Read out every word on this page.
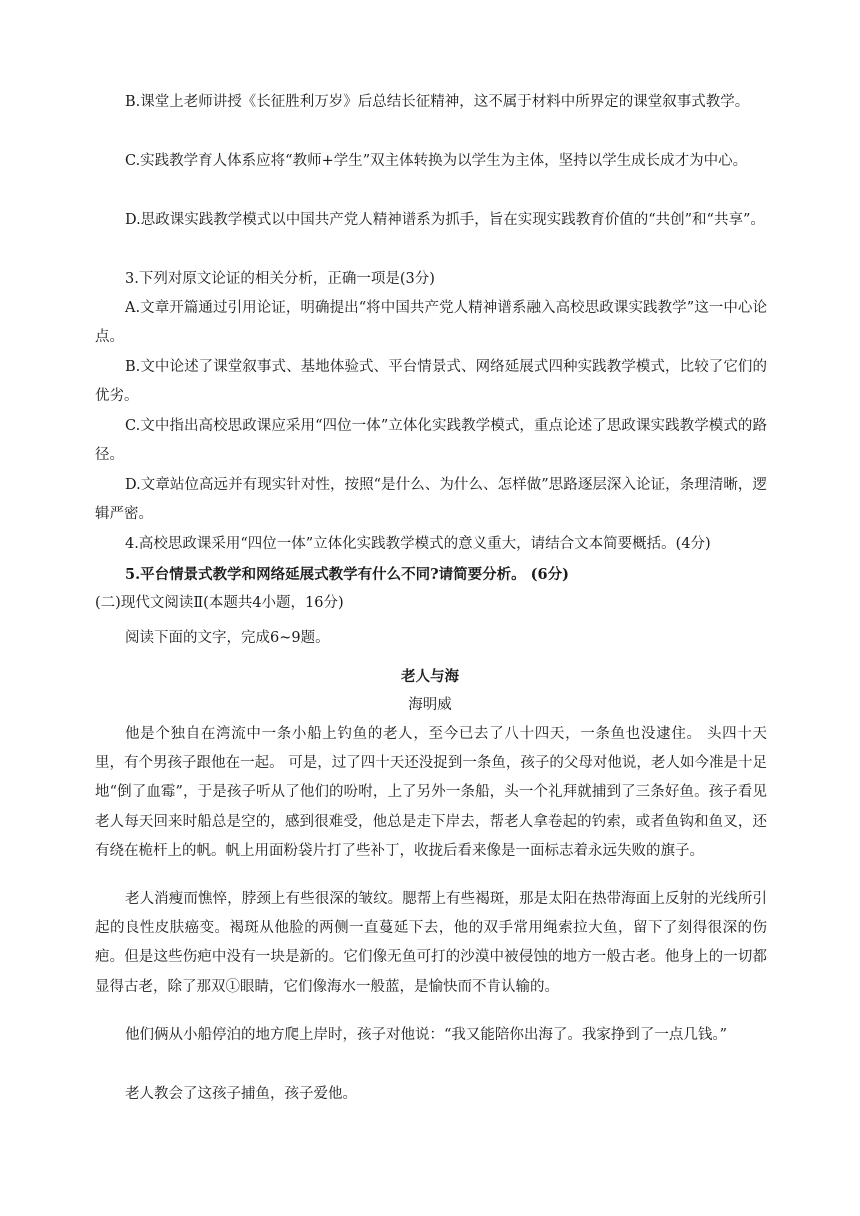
B.课堂上老师讲授《长征胜利万岁》后总结长征精神，这不属于材料中所界定的课堂叙事式教学。

C.实践教学育人体系应将“教师+学生”双主体转换为以学生为主体，坚持以学生成长成才为中心。

D.思政课实践教学模式以中国共产党人精神谱系为抓手，旨在实现实践教育价值的“共创”和“共享”。

3.下列对原文论证的相关分析，正确一项是(3分)

A.文章开篇通过引用论证，明确提出“将中国共产党人精神谱系融入高校思政课实践教学”这一中心论点。

B.文中论述了课堂叙事式、基地体验式、平台情景式、网络延展式四种实践教学模式，比较了它们的优劣。

C.文中指出高校思政课应采用“四位一体”立体化实践教学模式，重点论述了思政课实践教学模式的路径。

D.文章站位高远并有现实针对性，按照“是什么、为什么、怎样做”思路逐层深入论证，条理清晰，逻辑严密。

4.高校思政课采用“四位一体”立体化实践教学模式的意义重大，请结合文本简要概括。(4分)

5.平台情景式教学和网络延展式教学有什么不同?请简要分析。 (6分)

(二)现代文阅读Ⅱ(本题共4小题，16分)

阅读下面的文字，完成6~9题。

老人与海

海明威

他是个独自在湾流中一条小船上钓鱼的老人，至今已去了八十四天，一条鱼也没逮住。 头四十天里，有个男孩子跟他在一起。 可是，过了四十天还没捉到一条鱼，孩子的父母对他说，老人如今准是十足地“倒了血霉”，于是孩子听从了他们的吩咐，上了另外一条船，头一个礼拜就捕到了三条好鱼。孩子看见老人每天回来时船总是空的，感到很难受，他总是走下岸去，帮老人拿卷起的钓索，或者鱼钩和鱼叉，还有绕在桅杆上的帆。帆上用面粉袋片打了些补丁，收拢后看来像是一面标志着永远失败的旗子。

老人消瘦而憔悴，脖颈上有些很深的皱纹。腮帮上有些褐斑，那是太阳在热带海面上反射的光线所引起的良性皮肤癌变。褐斑从他脸的两侧一直蔓延下去，他的双手常用绳索拉大鱼，留下了刻得很深的伤疤。但是这些伤疤中没有一块是新的。它们像无鱼可打的沙漠中被侵蚀的地方一般古老。他身上的一切都显得古老，除了那双①眼睛，它们像海水一般蓝，是愉快而不肯认输的。

他们俩从小船停泊的地方爬上岸时，孩子对他说：“我又能陪你出海了。我家挣到了一点几钱。”

老人教会了这孩子捕鱼，孩子爱他。
